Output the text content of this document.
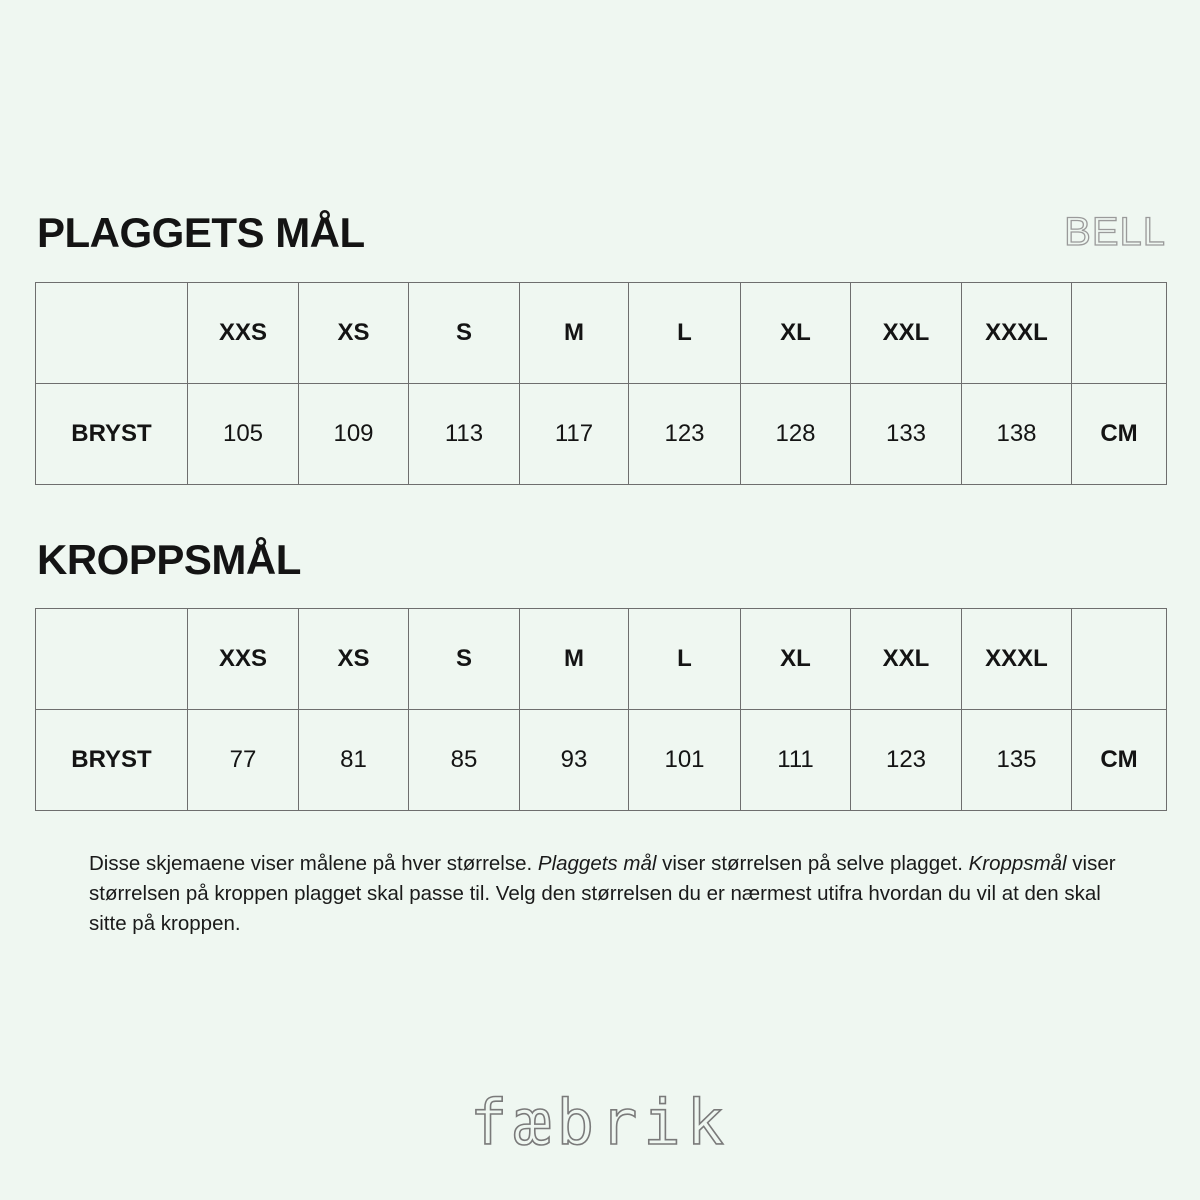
PLAGGETS MÅL	BELL
	XXS	XS	S	M	L	XL	XXL	XXXL	
BRYST	105	109	113	117	123	128	133	138	CM
KROPPSMÅL
	XXS	XS	S	M	L	XL	XXL	XXXL	
BRYST	77	81	85	93	101	111	123	135	CM

Disse skjemaene viser målene på hver størrelse. Plaggets mål viser størrelsen på selve plagget. Kroppsmål viser størrelsen på kroppen plagget skal passe til. Velg den størrelsen du er nærmest utifra hvordan du vil at den skal sitte på kroppen.

fæbrik
